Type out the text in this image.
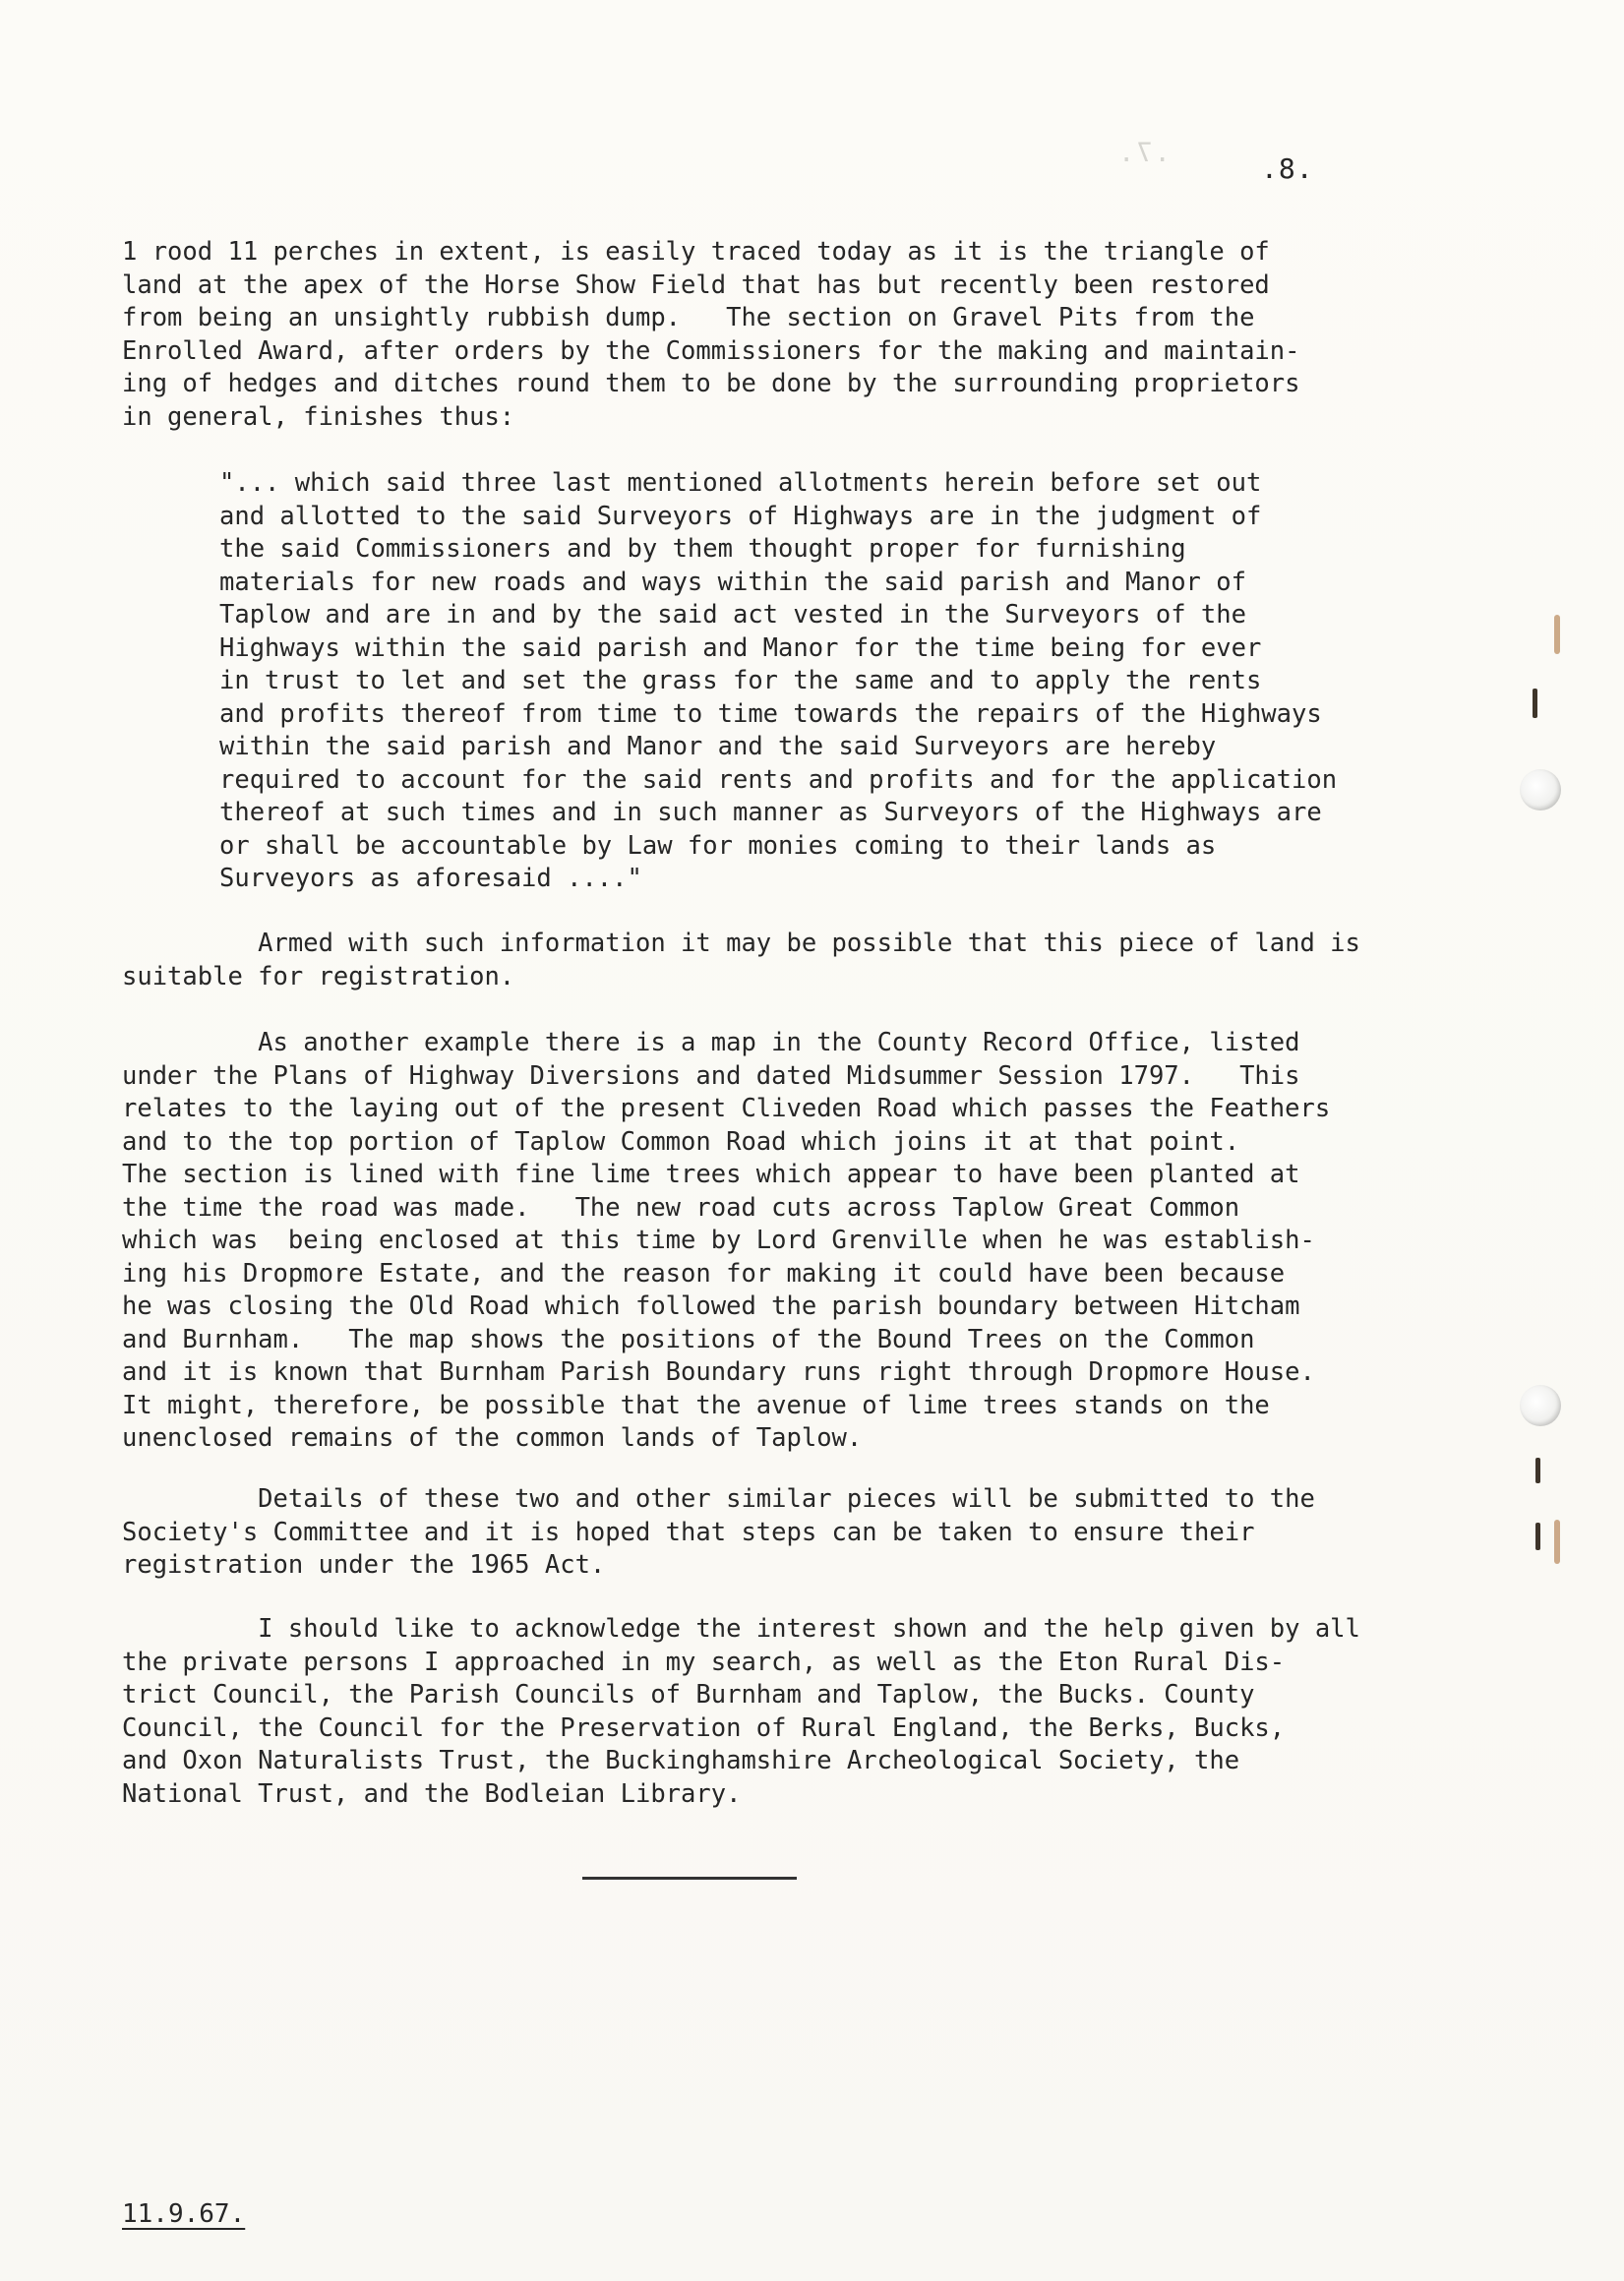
.7.	.8.

1 rood 11 perches in extent, is easily traced today as it is the triangle of
land at the apex of the Horse Show Field that has but recently been restored
from being an unsightly rubbish dump.   The section on Gravel Pits from the
Enrolled Award, after orders by the Commissioners for the making and maintain-
ing of hedges and ditches round them to be done by the surrounding proprietors
in general, finishes thus:

"... which said three last mentioned allotments herein before set out
and allotted to the said Surveyors of Highways are in the judgment of
the said Commissioners and by them thought proper for furnishing
materials for new roads and ways within the said parish and Manor of
Taplow and are in and by the said act vested in the Surveyors of the
Highways within the said parish and Manor for the time being for ever
in trust to let and set the grass for the same and to apply the rents
and profits thereof from time to time towards the repairs of the Highways
within the said parish and Manor and the said Surveyors are hereby
required to account for the said rents and profits and for the application
thereof at such times and in such manner as Surveyors of the Highways are
or shall be accountable by Law for monies coming to their lands as
Surveyors as aforesaid ...."

Armed with such information it may be possible that this piece of land is
suitable for registration.

As another example there is a map in the County Record Office, listed
under the Plans of Highway Diversions and dated Midsummer Session 1797.   This
relates to the laying out of the present Cliveden Road which passes the Feathers
and to the top portion of Taplow Common Road which joins it at that point.
The section is lined with fine lime trees which appear to have been planted at
the time the road was made.   The new road cuts across Taplow Great Common
which was  being enclosed at this time by Lord Grenville when he was establish-
ing his Dropmore Estate, and the reason for making it could have been because
he was closing the Old Road which followed the parish boundary between Hitcham
and Burnham.   The map shows the positions of the Bound Trees on the Common
and it is known that Burnham Parish Boundary runs right through Dropmore House.
It might, therefore, be possible that the avenue of lime trees stands on the
unenclosed remains of the common lands of Taplow.

Details of these two and other similar pieces will be submitted to the
Society's Committee and it is hoped that steps can be taken to ensure their
registration under the 1965 Act.

I should like to acknowledge the interest shown and the help given by all
the private persons I approached in my search, as well as the Eton Rural Dis-
trict Council, the Parish Councils of Burnham and Taplow, the Bucks. County
Council, the Council for the Preservation of Rural England, the Berks, Bucks,
and Oxon Naturalists Trust, the Buckinghamshire Archeological Society, the
National Trust, and the Bodleian Library.

11.9.67.
